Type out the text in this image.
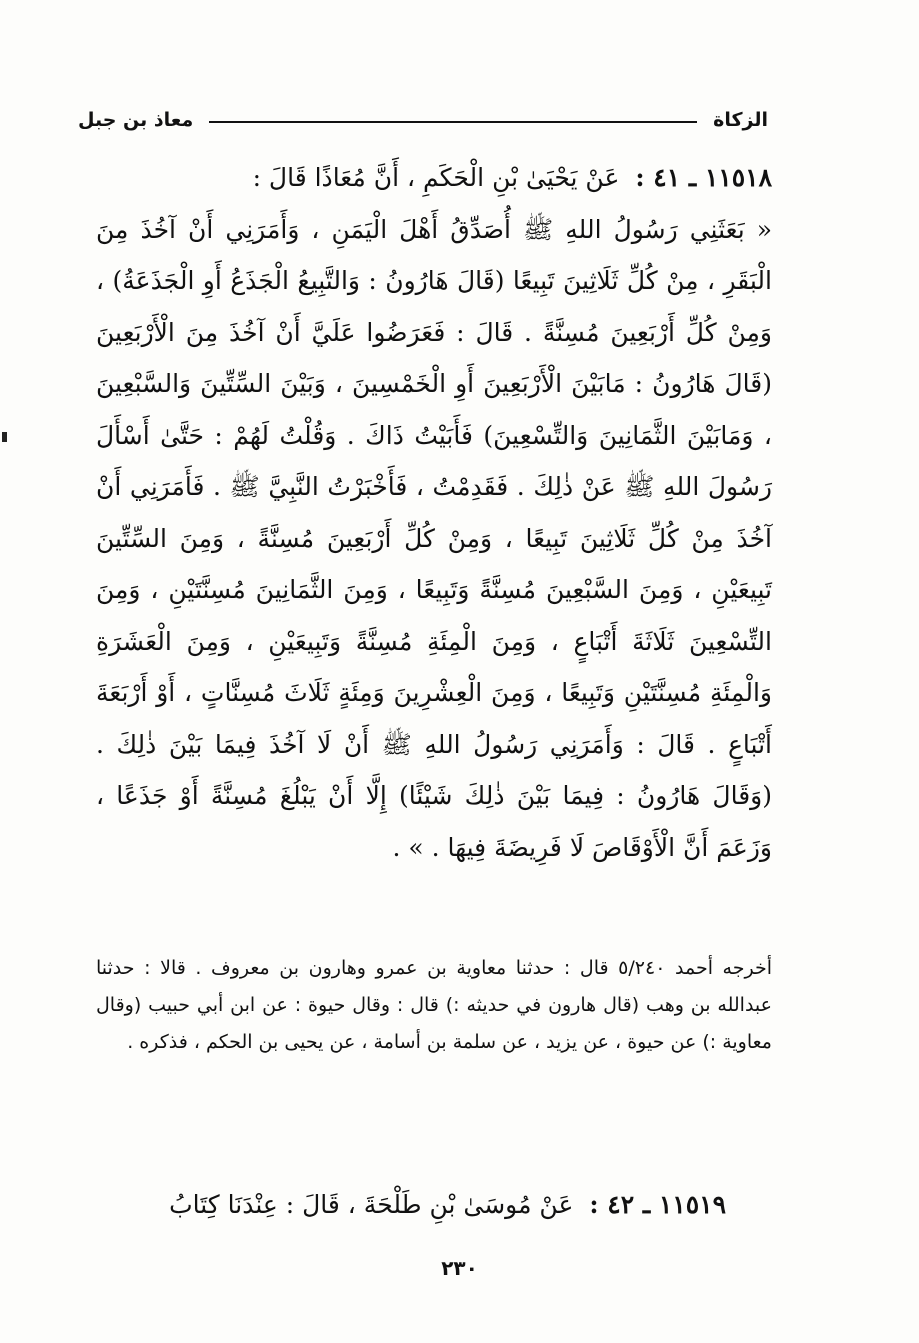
الزكاة
معاذ بن جبل
١١٥١٨ ـ ٤١ : عَنْ يَحْيَىٰ بْنِ الْحَكَمِ ، أَنَّ مُعَاذًا قَالَ :
« بَعَثَنِي رَسُولُ اللهِ ﷺ أُصَدِّقُ أَهْلَ الْيَمَنِ ، وَأَمَرَنِي أَنْ آخُذَ مِنَ الْبَقَرِ ، مِنْ كُلِّ ثَلَاثِينَ تَبِيعًا (قَالَ هَارُونُ : وَالتَّبِيعُ الْجَذَعُ أَوِ الْجَذَعَةُ) ، وَمِنْ كُلِّ أَرْبَعِينَ مُسِنَّةً . قَالَ : فَعَرَضُوا عَلَيَّ أَنْ آخُذَ مِنَ الْأَرْبَعِينَ (قَالَ هَارُونُ : مَابَيْنَ الْأَرْبَعِينَ أَوِ الْخَمْسِينَ ، وَبَيْنَ السِّتِّينَ وَالسَّبْعِينَ ، وَمَابَيْنَ الثَّمَانِينَ وَالتِّسْعِينَ) فَأَبَيْتُ ذَاكَ . وَقُلْتُ لَهُمْ : حَتَّىٰ أَسْأَلَ رَسُولَ اللهِ ﷺ عَنْ ذٰلِكَ . فَقَدِمْتُ ، فَأَخْبَرْتُ النَّبِيَّ ﷺ . فَأَمَرَنِي أَنْ آخُذَ مِنْ كُلِّ ثَلَاثِينَ تَبِيعًا ، وَمِنْ كُلِّ أَرْبَعِينَ مُسِنَّةً ، وَمِنَ السِّتِّينَ تَبِيعَيْنِ ، وَمِنَ السَّبْعِينَ مُسِنَّةً وَتَبِيعًا ، وَمِنَ الثَّمَانِينَ مُسِنَّتَيْنِ ، وَمِنَ التِّسْعِينَ ثَلَاثَةَ أَتْبَاعٍ ، وَمِنَ الْمِئَةِ مُسِنَّةً وَتَبِيعَيْنِ ، وَمِنَ الْعَشَرَةِ وَالْمِئَةِ مُسِنَّتَيْنِ وَتَبِيعًا ، وَمِنَ الْعِشْرِينَ وَمِئَةٍ ثَلَاثَ مُسِنَّاتٍ ، أَوْ أَرْبَعَةَ أَتْبَاعٍ . قَالَ : وَأَمَرَنِي رَسُولُ اللهِ ﷺ أَنْ لَا آخُذَ فِيمَا بَيْنَ ذٰلِكَ . (وَقَالَ هَارُونُ : فِيمَا بَيْنَ ذٰلِكَ شَيْئًا) إِلَّا أَنْ يَبْلُغَ مُسِنَّةً أَوْ جَذَعًا ، وَزَعَمَ أَنَّ الْأَوْقَاصَ لَا فَرِيضَةَ فِيهَا . » .
أخرجه أحمد ٥/٢٤٠ قال : حدثنا معاوية بن عمرو وهارون بن معروف . قالا : حدثنا عبدالله بن وهب (قال هارون في حديثه :) قال : وقال حيوة : عن ابن أبي حبيب (وقال معاوية :) عن حيوة ، عن يزيد ، عن سلمة بن أسامة ، عن يحيى بن الحكم ، فذكره .
١١٥١٩ ـ ٤٢ : عَنْ مُوسَىٰ بْنِ طَلْحَةَ ، قَالَ : عِنْدَنَا كِتَابُ
٢٣٠
